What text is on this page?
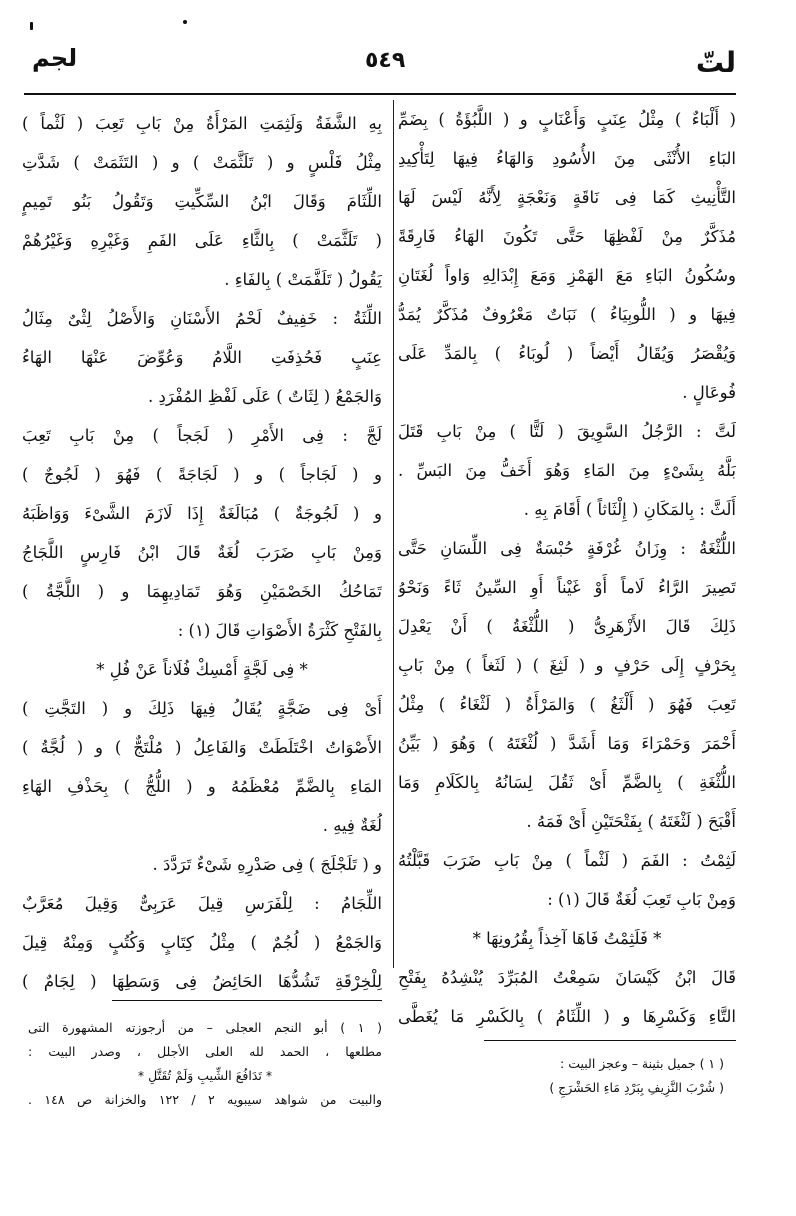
لجم	٥٤٩	لتّ
( أَلْبَاءٌ ) مِثْلُ عِنَبٍ وَأَعْنَابٍ و ( اللَّبُؤَةُ ) بِضَمِّ
البَاءِ الأُنْثَى مِنَ الأُسُودِ وَالهَاءُ فِيهَا لِتَأْكِيدِ
التَّأْنِيثِ كَمَا فِى نَاقَةٍ وَنَعْجَةٍ لِأَنَّهُ لَيْسَ لَهَا
مُذَكَّرٌ مِنْ لَفْظِهَا حَتَّى تَكُونَ الهَاءُ فَارِقَةً
وسُكُونُ البَاءِ مَعَ الهَمْزِ وَمَعَ إِبْدَالِهِ وَاواً لُغَتَانِ
فِيهَا و ( اللُّوبِيَاءُ ) نَبَاتٌ مَعْرُوفٌ مُذَكَّرٌ يُمَدُّ
وَيُقْصَرُ وَيُقَالُ أَيْضاً ( لُوبَاءُ ) بِالمَدِّ عَلَى
فُوعَالٍ .
لَتَّ : الرَّجُلُ السَّوِيقَ ( لَتًّا ) مِنْ بَابِ قَتَلَ
بَلَّهُ بِشَىْءٍ مِنَ المَاءِ وَهُوَ أَخَفُّ مِنَ البَسِّ .
أَلَثَّ : بِالمَكَانِ ( إِلْثَاثاً ) أَقَامَ بِهِ .
اللُّثْغَةُ : وِزَانُ غُرْفَةٍ حُبْسَةٌ فِى اللِّسَانِ حَتَّى
تَصِيرَ الرَّاءُ لَاماً أَوْ غَيْناً أَوِ السِّينُ ثَاءً وَنَحْوُ
ذَلِكَ قَالَ الأَزْهَرِىُّ ( اللُّثْغَةُ ) أَنْ يَعْدِلَ
بِحَرْفٍ إِلَى حَرْفٍ و ( لَثِغَ ) ( لَثَغاً ) مِنْ بَابِ
تَعِبَ فَهُوَ ( أَلْثَغُ ) وَالمَرْأَةُ ( لَثْغَاءُ ) مِثْلُ
أَحْمَرَ وَحَمْرَاءَ وَمَا أَشَدَّ ( لُثْغَتَهُ ) وَهُوَ ( بَيِّنُ
اللُّثْغَةِ ) بِالضَّمِّ أَىْ ثَقُلَ لِسَانُهُ بِالكَلَامِ وَمَا
أَقْبَحَ ( لَثْغَتَهُ ) بِفَتْحَتَيْنِ أَىْ فَمَهُ .
لَثِمْتُ : الفَمَ ( لَثْماً ) مِنْ بَابِ ضَرَبَ قَبَّلْتُهُ
وَمِنْ بَابِ تَعِبَ لُغَةٌ قَالَ (١) :
* فَلَثِمْتُ فَاهَا آخِذاً بِقُرُونِهَا *
قَالَ ابْنُ كَيْسَانَ سَمِعْتُ المُبَرِّدَ يُنْشِدُهُ بِفَتْحِ
التَّاءِ وَكَسْرِهَا و ( اللِّثَامُ ) بِالكَسْرِ مَا يُغَطَّى
بِهِ الشَّفَةُ وَلَثِمَتِ المَرْأَةُ مِنْ بَابِ تَعِبَ ( لَثْماً )
مِثْلُ فَلْسٍ و ( تَلَثَّمَتْ ) و ( التَثَمَتْ ) شَدَّتِ
اللِّثَامَ وَقَالَ ابْنُ السِّكِّيتِ وَتَقُولُ بَنُو تَمِيمٍ
( تَلَثَّمَتْ ) بِالثَّاءِ عَلَى الفَمِ وَغَيْرِهِ وَغَيْرُهُمْ
يَقُولُ ( تَلَفَّمَتْ ) بِالفَاءِ .
اللِّثَةُ : خَفِيفٌ لَحْمُ الأَسْنَانِ وَالأَصْلُ لِثْىٌ مِثَالُ
عِنَبٍ فَحُذِفَتِ اللَّامُ وَعُوِّضَ عَنْهَا الهَاءُ
وَالجَمْعُ ( لِثَاتٌ ) عَلَى لَفْظِ المُفْرَدِ .
لَجَّ : فِى الأَمْرِ ( لَجَجاً ) مِنْ بَابِ تَعِبَ
و ( لَجَاجاً ) و ( لَجَاجَةً ) فَهُوَ ( لَجُوجٌ )
و ( لَجُوجَةٌ ) مُبَالَغَةٌ إِذَا لَازَمَ الشَّىْءَ وَوَاظَبَهُ
وَمِنْ بَابِ ضَرَبَ لُغَةٌ قَالَ ابْنُ فَارِسٍ اللَّجَاجُ
تَمَاحُكُ الخَصْمَيْنِ وَهُوَ تَمَادِيهِمَا و ( اللَّجَّةُ )
بِالفَتْحِ كَثْرَةُ الأَصْوَاتِ قَالَ (١) :
* فِى لَجَّةٍ أَمْسِكْ فُلَاناً عَنْ فُلِ *
أَىْ فِى ضَجَّةٍ يُقَالُ فِيهَا ذَلِكَ و ( التَجَّتِ )
الأَصْوَاتُ اخْتَلَطَتْ وَالفَاعِلُ ( مُلْتَجٌّ ) و ( لُجَّةُ )
المَاءِ بِالضَّمِّ مُعْظَمُهُ و ( اللُّجُّ ) بِحَذْفِ الهَاءِ
لُغَةٌ فِيهِ .
و ( تَلَجْلَجَ ) فِى صَدْرِهِ شَىْءٌ تَرَدَّدَ .
اللِّجَامُ : لِلْفَرَسِ قِيلَ عَرَبِىٌّ وَقِيلَ مُعَرَّبٌ
وَالجَمْعُ ( لُجُمٌ ) مِثْلُ كِتَابٍ وَكُتُبٍ وَمِنْهُ قِيلَ
لِلْخِرْقَةِ تَشُدُّهَا الحَائِضُ فِى وَسَطِهَا ( لِجَامٌ )
( ١ ) أبو النجم العجلى – من أرجوزته المشهورة التى
مطلعها ، الحمد لله العلى الأجلل ، وصدر البيت :
* تَدَافُعَ الشِّيبِ وَلَمْ تُقَتَّلِ *
والبيت من شواهد سيبويه ٢ / ١٢٢ والخزانة ص ١٤٨ .
( ١ ) جميل بثينة – وعجز البيت :
( شُرْبَ النَّزِيفِ بِبَرْدِ مَاءِ الحَشْرَجِ )
